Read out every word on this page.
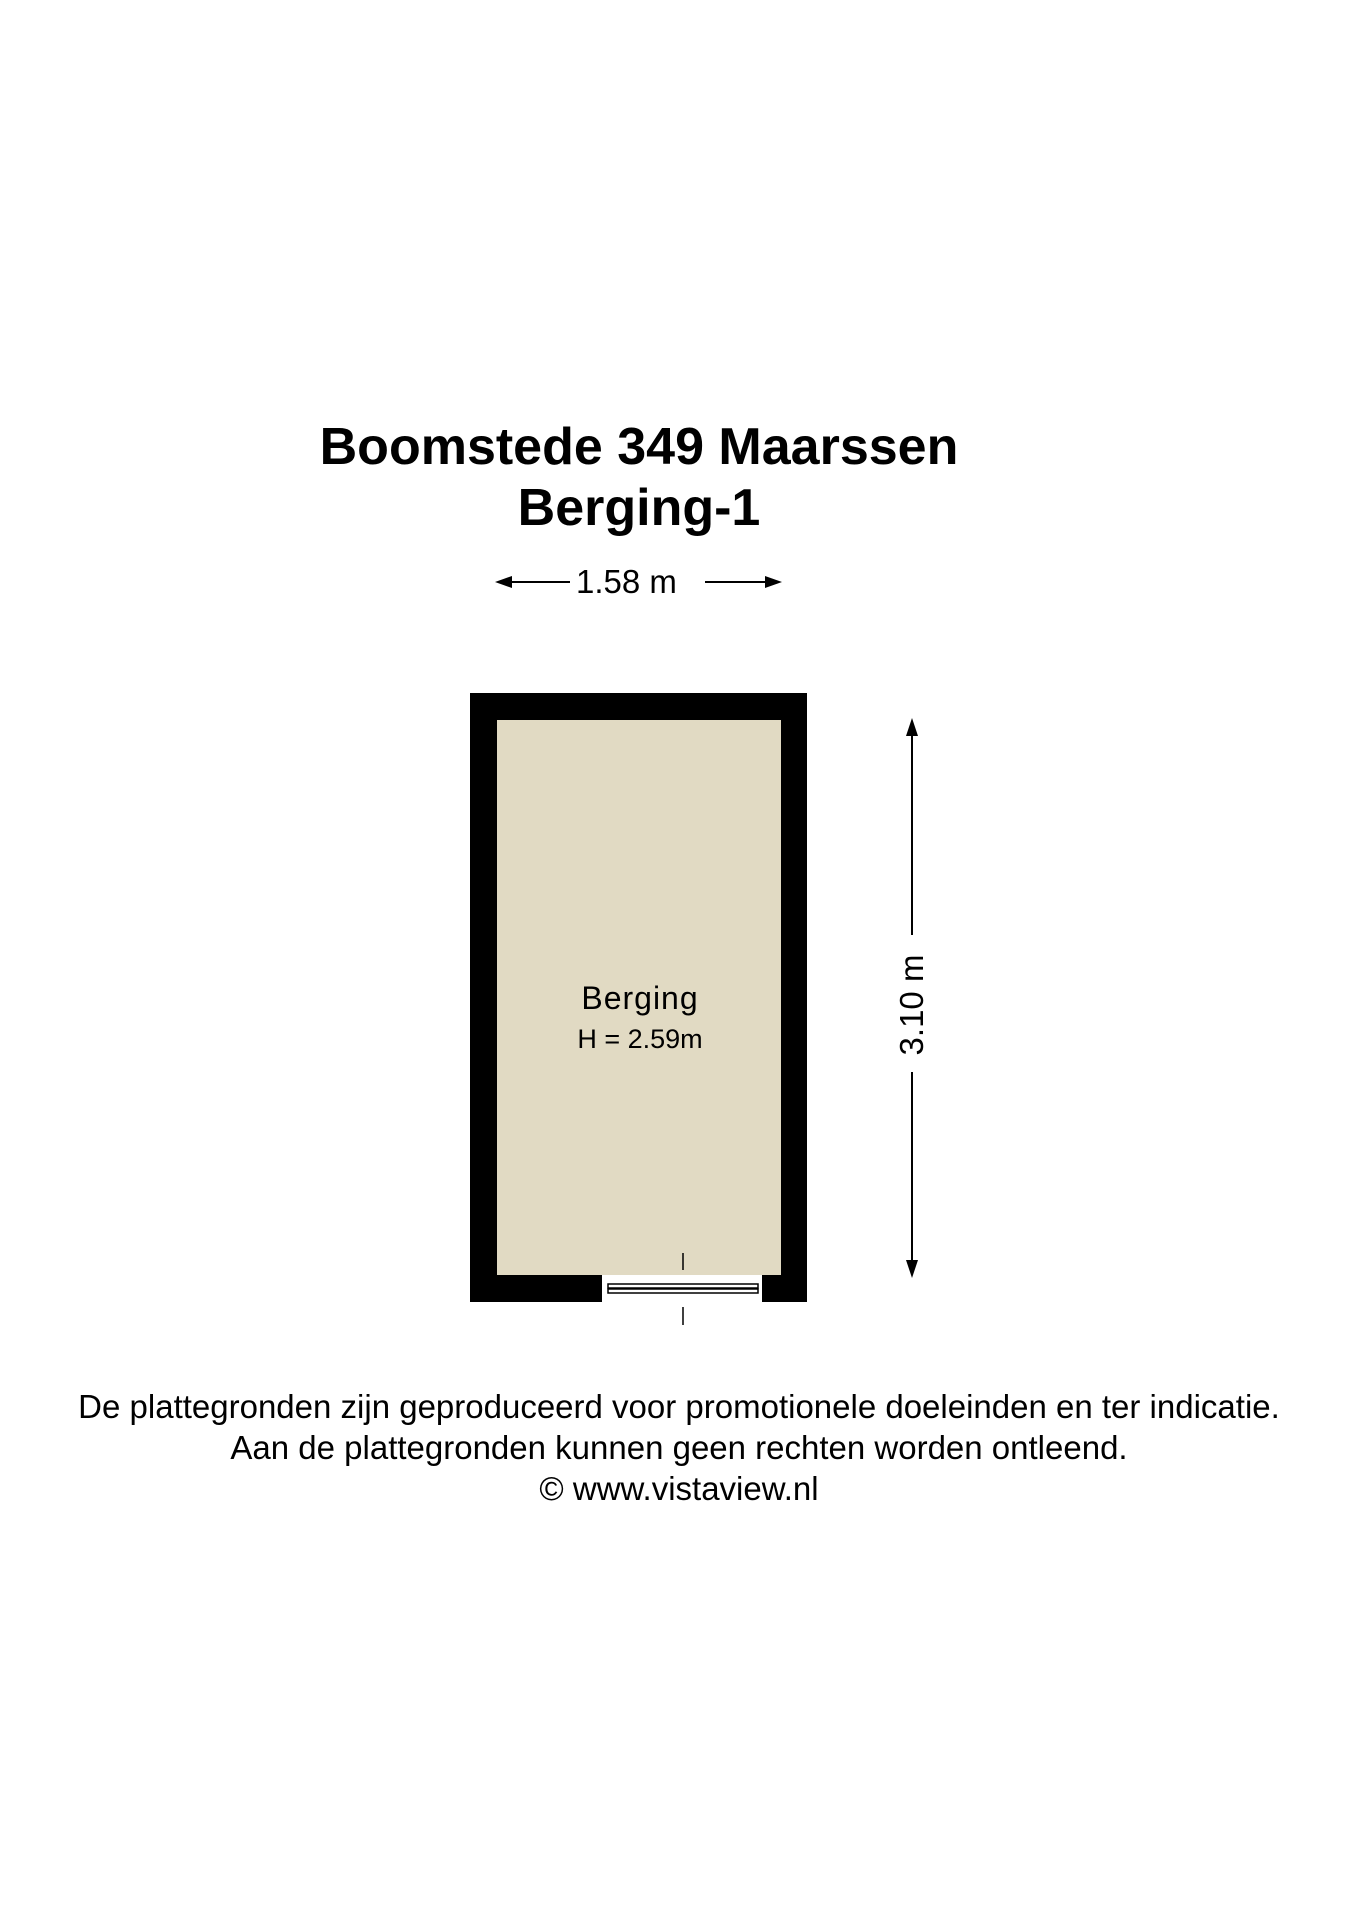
Boomstede 349 Maarssen
Berging-1
1.58 m
3.10 m

Berging

H = 2.59m

De plattegronden zijn geproduceerd voor promotionele doeleinden en ter indicatie.

Aan de plattegronden kunnen geen rechten worden ontleend.

© www.vistaview.nl
